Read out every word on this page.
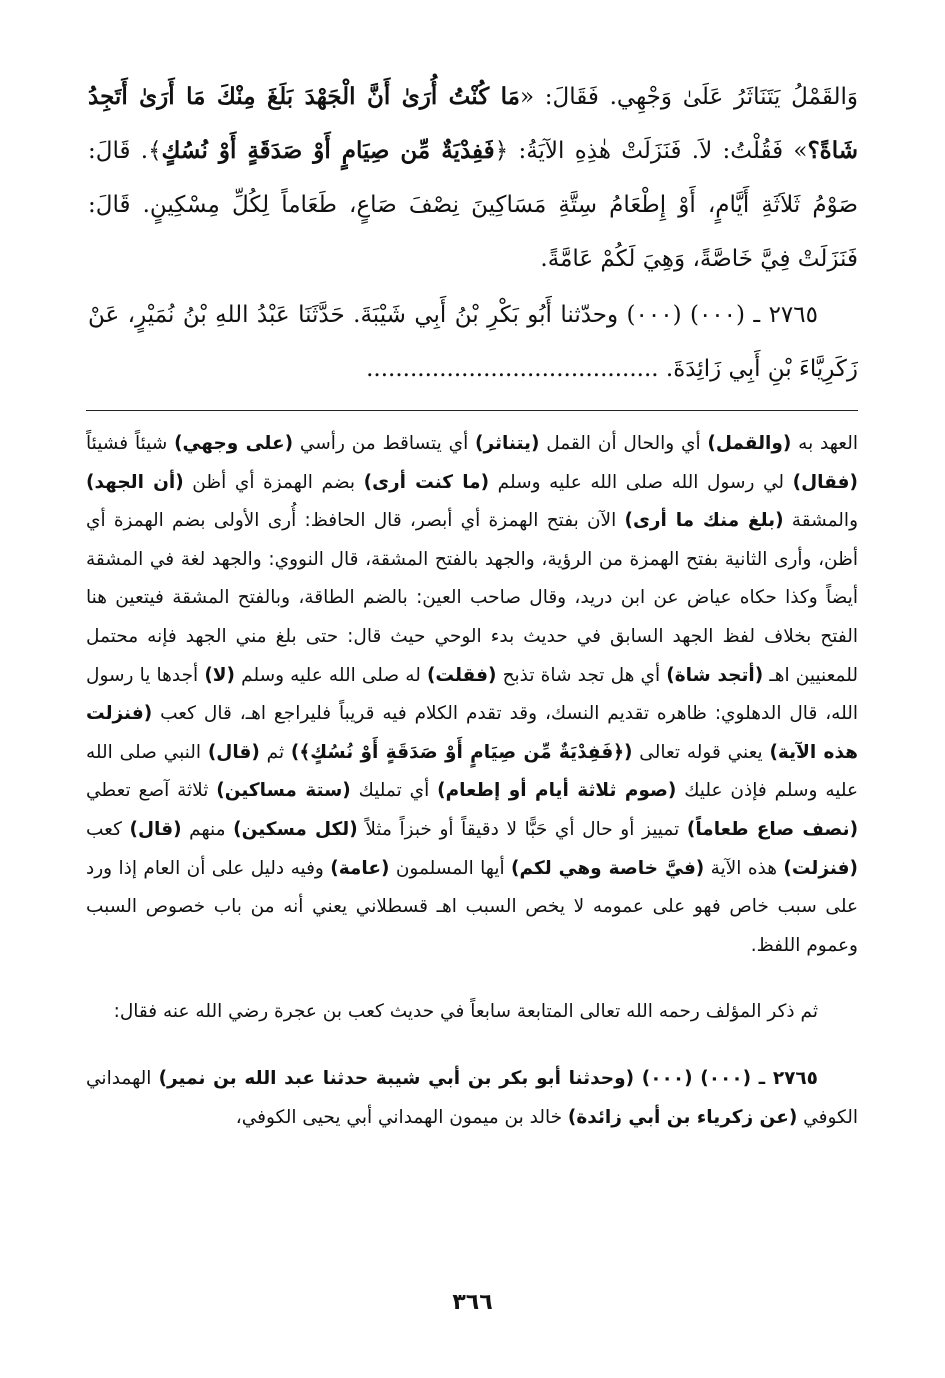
وَالقَمْلُ يَتَنَاثَرُ عَلَىٰ وَجْهِي. فَقَالَ: «مَا كُنْتُ أُرَىٰ أَنَّ الْجَهْدَ بَلَغَ مِنْكَ مَا أَرَىٰ أَتَجِدُ شَاةً؟» فَقُلْتُ: لاَ. فَنَزَلَتْ هٰذِهِ الآيَةُ: ﴿فَفِدْيَةٌ مِّن صِيَامٍ أَوْ صَدَقَةٍ أَوْ نُسُكٍ﴾. قَالَ: صَوْمُ ثَلاَثَةِ أَيَّامٍ، أَوْ إِطْعَامُ سِتَّةِ مَسَاكِينَ نِصْفَ صَاعٍ، طَعَاماً لِكُلِّ مِسْكِينٍ. قَالَ: فَنَزَلَتْ فِيَّ خَاصَّةً، وَهِيَ لَكُمْ عَامَّةً.

٢٧٦٥ ـ (٠٠٠) (٠٠٠) وحدّثنا أَبُو بَكْرِ بْنُ أَبِي شَيْبَةَ. حَدَّثَنَا عَبْدُ اللهِ بْنُ نُمَيْرٍ، عَنْ زَكَرِيَّاءَ بْنِ أَبِي زَائِدَةَ. ........................................

العهد به (والقمل) أي والحال أن القمل (يتناثر) أي يتساقط من رأسي (على وجهي) شيئاً فشيئاً (فقال) لي رسول الله صلى الله عليه وسلم (ما كنت أرى) بضم الهمزة أي أظن (أن الجهد) والمشقة (بلغ منك ما أرى) الآن بفتح الهمزة أي أبصر، قال الحافظ: أُرى الأولى بضم الهمزة أي أظن، وأرى الثانية بفتح الهمزة من الرؤية، والجهد بالفتح المشقة، قال النووي: والجهد لغة في المشقة أيضاً وكذا حكاه عياض عن ابن دريد، وقال صاحب العين: بالضم الطاقة، وبالفتح المشقة فيتعين هنا الفتح بخلاف لفظ الجهد السابق في حديث بدء الوحي حيث قال: حتى بلغ مني الجهد فإنه محتمل للمعنيين اهـ (أتجد شاة) أي هل تجد شاة تذبح (فقلت) له صلى الله عليه وسلم (لا) أجدها يا رسول الله، قال الدهلوي: ظاهره تقديم النسك، وقد تقدم الكلام فيه قريباً فليراجع اهـ، قال كعب (فنزلت هذه الآية) يعني قوله تعالى (﴿فَفِدْيَةٌ مِّن صِيَامٍ أَوْ صَدَقَةٍ أَوْ نُسُكٍ﴾) ثم (قال) النبي صلى الله عليه وسلم فإذن عليك (صوم ثلاثة أيام أو إطعام) أي تمليك (ستة مساكين) ثلاثة آصع تعطي (نصف صاع طعاماً) تمييز أو حال أي حَبًّا لا دقيقاً أو خبزاً مثلاً (لكل مسكين) منهم (قال) كعب (فنزلت) هذه الآية (فيَّ خاصة وهي لكم) أيها المسلمون (عامة) وفيه دليل على أن العام إذا ورد على سبب خاص فهو على عمومه لا يخص السبب اهـ قسطلاني يعني أنه من باب خصوص السبب وعموم اللفظ.

ثم ذكر المؤلف رحمه الله تعالى المتابعة سابعاً في حديث كعب بن عجرة رضي الله عنه فقال:

٢٧٦٥ ـ (٠٠٠) (٠٠٠) (وحدثنا أبو بكر بن أبي شيبة حدثنا عبد الله بن نمير) الهمداني الكوفي (عن زكرياء بن أبي زائدة) خالد بن ميمون الهمداني أبي يحيى الكوفي،

٣٦٦
